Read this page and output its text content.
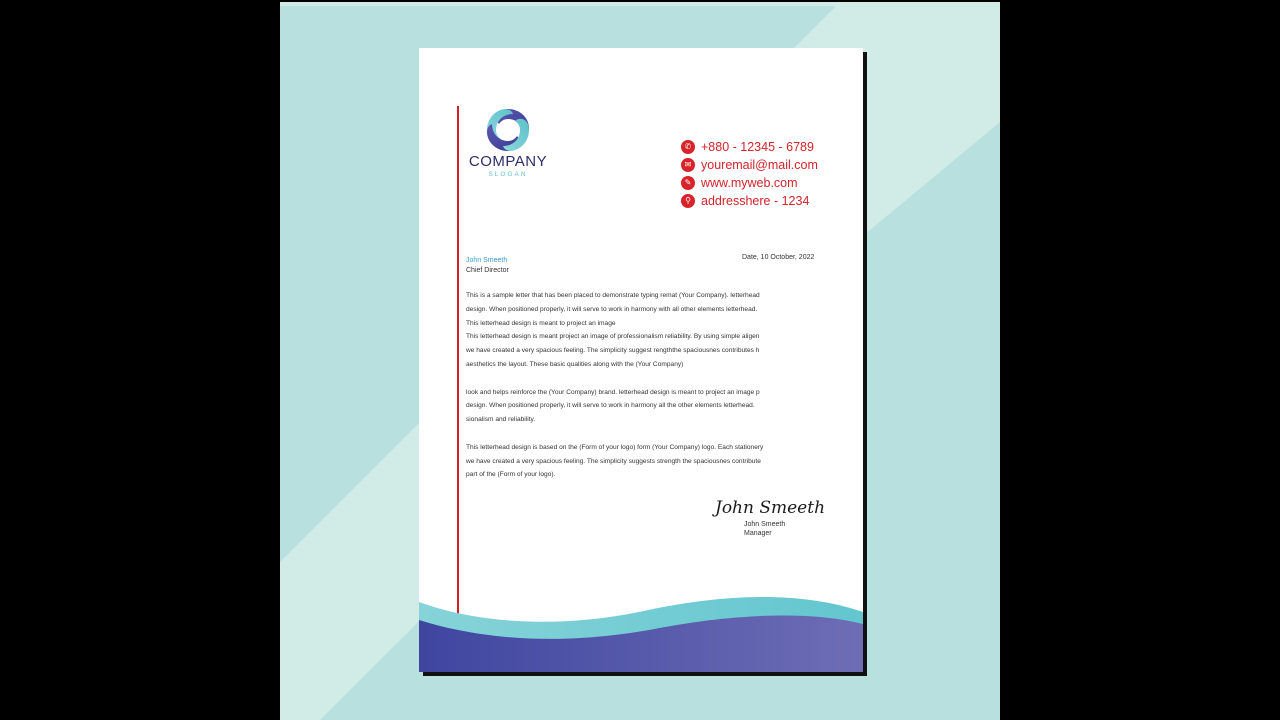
COMPANY
SLOGAN
✆ +880 - 12345 - 6789
✉ youremail@mail.com
✎ www.myweb.com
⚲ addresshere - 1234
John Smeeth
Chief Director
Date, 10 October, 2022

This is a sample letter that has been placed to demonstrate typing remat (Your Company). letterhead

design. When positioned properly, it will serve to work in harmony with all other elements letterhead.

This letterhead design is meant to project an image

This letterhead design is meant project an image of professionalism reliability. By using simple aligen

we have created a very spacious feeling. The simplicity suggest rengththe spaciousnes contributes h

aesthetics the layout. These basic qualities along with the (Your Company)

look and helps reinforce the (Your Company) brand. letterhead design is meant to project an image p

design. When positioned properly, it will serve to work in harmony all the other elements letterhead.

sionalism and reliability.

This letterhead design is based on the (Form of your logo) form (Your Company) logo. Each stationery

we have created a very spacious feeling. The simplicity suggests strength the spaciousnes contribute

part of the (Form of your logo).

John Smeeth
John Smeeth
Manager
